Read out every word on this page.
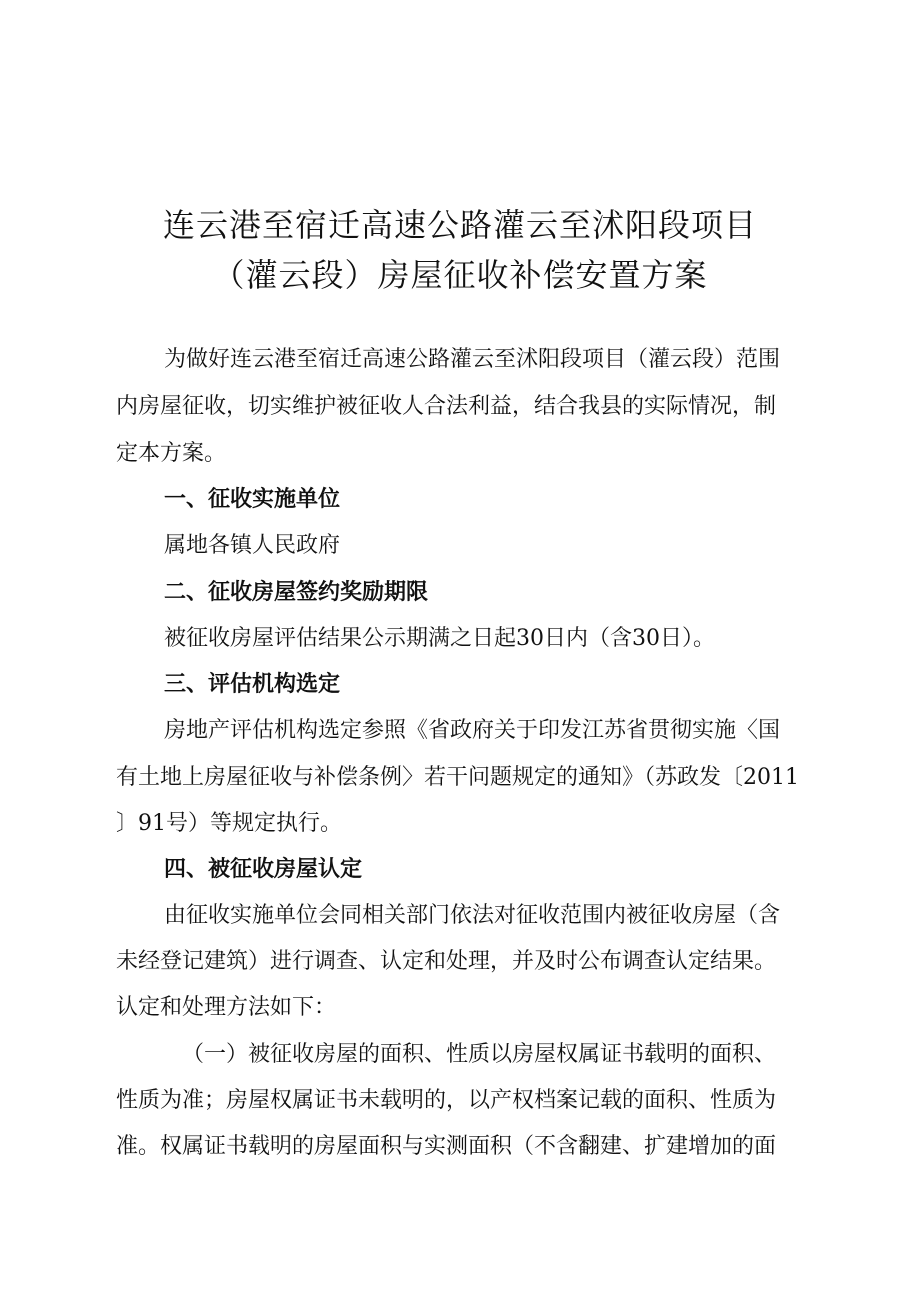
连云港至宿迁高速公路灌云至沭阳段项目
（灌云段）房屋征收补偿安置方案
为做好连云港至宿迁高速公路灌云至沭阳段项目（灌云段）范围
内房屋征收，切实维护被征收人合法利益，结合我县的实际情况，制
定本方案。
一、征收实施单位
属地各镇人民政府
二、征收房屋签约奖励期限
被征收房屋评估结果公示期满之日起30日内（含30日）。
三、评估机构选定
房地产评估机构选定参照《省政府关于印发江苏省贯彻实施〈国
有土地上房屋征收与补偿条例〉若干问题规定的通知》（苏政发〔2011
〕91号）等规定执行。
四、被征收房屋认定
由征收实施单位会同相关部门依法对征收范围内被征收房屋（含
未经登记建筑）进行调查、认定和处理，并及时公布调查认定结果。
认定和处理方法如下：
（一）被征收房屋的面积、性质以房屋权属证书载明的面积、
性质为准；房屋权属证书未载明的，以产权档案记载的面积、性质为
准。权属证书载明的房屋面积与实测面积（不含翻建、扩建增加的面
